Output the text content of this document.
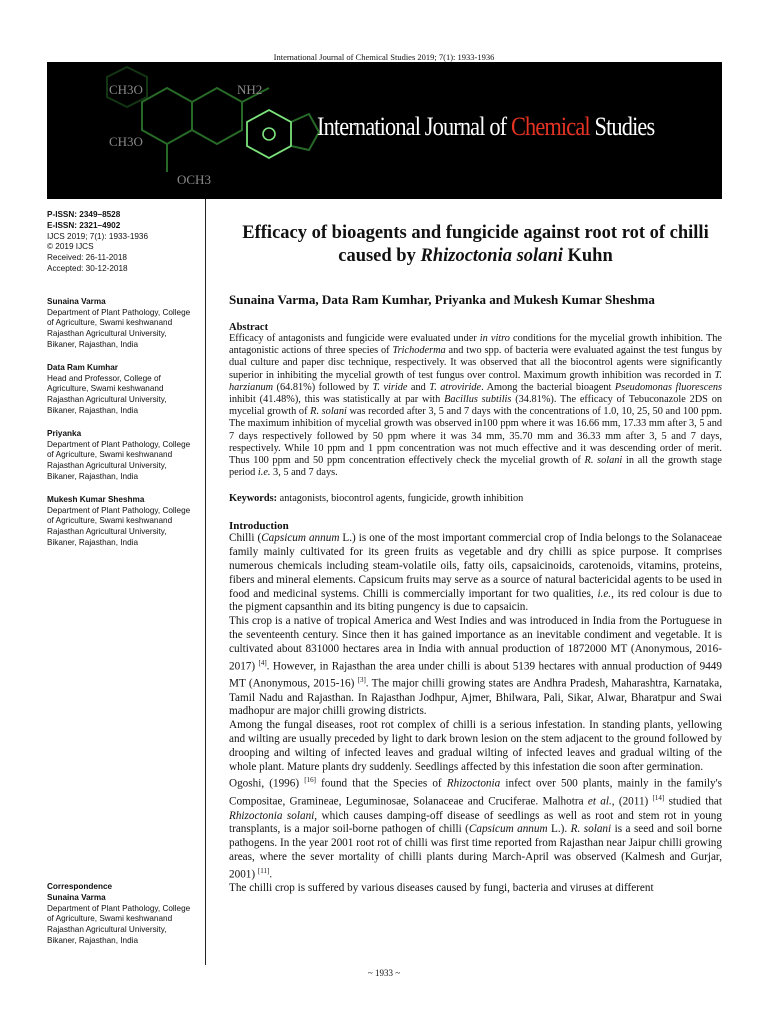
International Journal of Chemical Studies 2019; 7(1): 1933-1936
CH3O	NH2
CH3O
OCH3
International Journal of Chemical Studies
P-ISSN: 2349–8528
E-ISSN: 2321–4902
IJCS 2019; 7(1): 1933-1936
© 2019 IJCS
Received: 26-11-2018
Accepted: 30-12-2018
Sunaina Varma
Department of Plant Pathology, College of Agriculture, Swami keshwanand Rajasthan Agricultural University, Bikaner, Rajasthan, India
Data Ram Kumhar
Head and Professor, College of Agriculture, Swami keshwanand Rajasthan Agricultural University, Bikaner, Rajasthan, India
Priyanka
Department of Plant Pathology, College of Agriculture, Swami keshwanand Rajasthan Agricultural University, Bikaner, Rajasthan, India
Mukesh Kumar Sheshma
Department of Plant Pathology, College of Agriculture, Swami keshwanand Rajasthan Agricultural University, Bikaner, Rajasthan, India
Correspondence
Sunaina Varma
Department of Plant Pathology, College of Agriculture, Swami keshwanand Rajasthan Agricultural University, Bikaner, Rajasthan, India
Efficacy of bioagents and fungicide against root rot of chilli caused by Rhizoctonia solani Kuhn
Sunaina Varma, Data Ram Kumhar, Priyanka and Mukesh Kumar Sheshma
Abstract

Efficacy of antagonists and fungicide were evaluated under in vitro conditions for the mycelial growth inhibition. The antagonistic actions of three species of Trichoderma and two spp. of bacteria were evaluated against the test fungus by dual culture and paper disc technique, respectively. It was observed that all the biocontrol agents were significantly superior in inhibiting the mycelial growth of test fungus over control. Maximum growth inhibition was recorded in T. harzianum (64.81%) followed by T. viride and T. atroviride. Among the bacterial bioagent Pseudomonas fluorescens inhibit (41.48%), this was statistically at par with Bacillus subtilis (34.81%). The efficacy of Tebuconazole 2DS on mycelial growth of R. solani was recorded after 3, 5 and 7 days with the concentrations of 1.0, 10, 25, 50 and 100 ppm. The maximum inhibition of mycelial growth was observed in100 ppm where it was 16.66 mm, 17.33 mm after 3, 5 and 7 days respectively followed by 50 ppm where it was 34 mm, 35.70 mm and 36.33 mm after 3, 5 and 7 days, respectively. While 10 ppm and 1 ppm concentration was not much effective and it was descending order of merit. Thus 100 ppm and 50 ppm concentration effectively check the mycelial growth of R. solani in all the growth stage period i.e. 3, 5 and 7 days.

Keywords: antagonists, biocontrol agents, fungicide, growth inhibition
Introduction

Chilli (Capsicum annum L.) is one of the most important commercial crop of India belongs to the Solanaceae family mainly cultivated for its green fruits as vegetable and dry chilli as spice purpose. It comprises numerous chemicals including steam-volatile oils, fatty oils, capsaicinoids, carotenoids, vitamins, proteins, fibers and mineral elements. Capsicum fruits may serve as a source of natural bactericidal agents to be used in food and medicinal systems. Chilli is commercially important for two qualities, i.e., its red colour is due to the pigment capsanthin and its biting pungency is due to capsaicin.

This crop is a native of tropical America and West Indies and was introduced in India from the Portuguese in the seventeenth century. Since then it has gained importance as an inevitable condiment and vegetable. It is cultivated about 831000 hectares area in India with annual production of 1872000 MT (Anonymous, 2016-2017) [4]. However, in Rajasthan the area under chilli is about 5139 hectares with annual production of 9449 MT (Anonymous, 2015-16) [3]. The major chilli growing states are Andhra Pradesh, Maharashtra, Karnataka, Tamil Nadu and Rajasthan. In Rajasthan Jodhpur, Ajmer, Bhilwara, Pali, Sikar, Alwar, Bharatpur and Swai madhopur are major chilli growing districts.

Among the fungal diseases, root rot complex of chilli is a serious infestation. In standing plants, yellowing and wilting are usually preceded by light to dark brown lesion on the stem adjacent to the ground followed by drooping and wilting of infected leaves and gradual wilting of infected leaves and gradual wilting of the whole plant. Mature plants dry suddenly. Seedlings affected by this infestation die soon after germination.

Ogoshi, (1996) [16] found that the Species of Rhizoctonia infect over 500 plants, mainly in the family's Compositae, Gramineae, Leguminosae, Solanaceae and Cruciferae. Malhotra et al., (2011) [14] studied that Rhizoctonia solani, which causes damping-off disease of seedlings as well as root and stem rot in young transplants, is a major soil-borne pathogen of chilli (Capsicum annum L.). R. solani is a seed and soil borne pathogens. In the year 2001 root rot of chilli was first time reported from Rajasthan near Jaipur chilli growing areas, where the sever mortality of chilli plants during March-April was observed (Kalmesh and Gurjar, 2001) [11].

The chilli crop is suffered by various diseases caused by fungi, bacteria and viruses at different

~ 1933 ~
